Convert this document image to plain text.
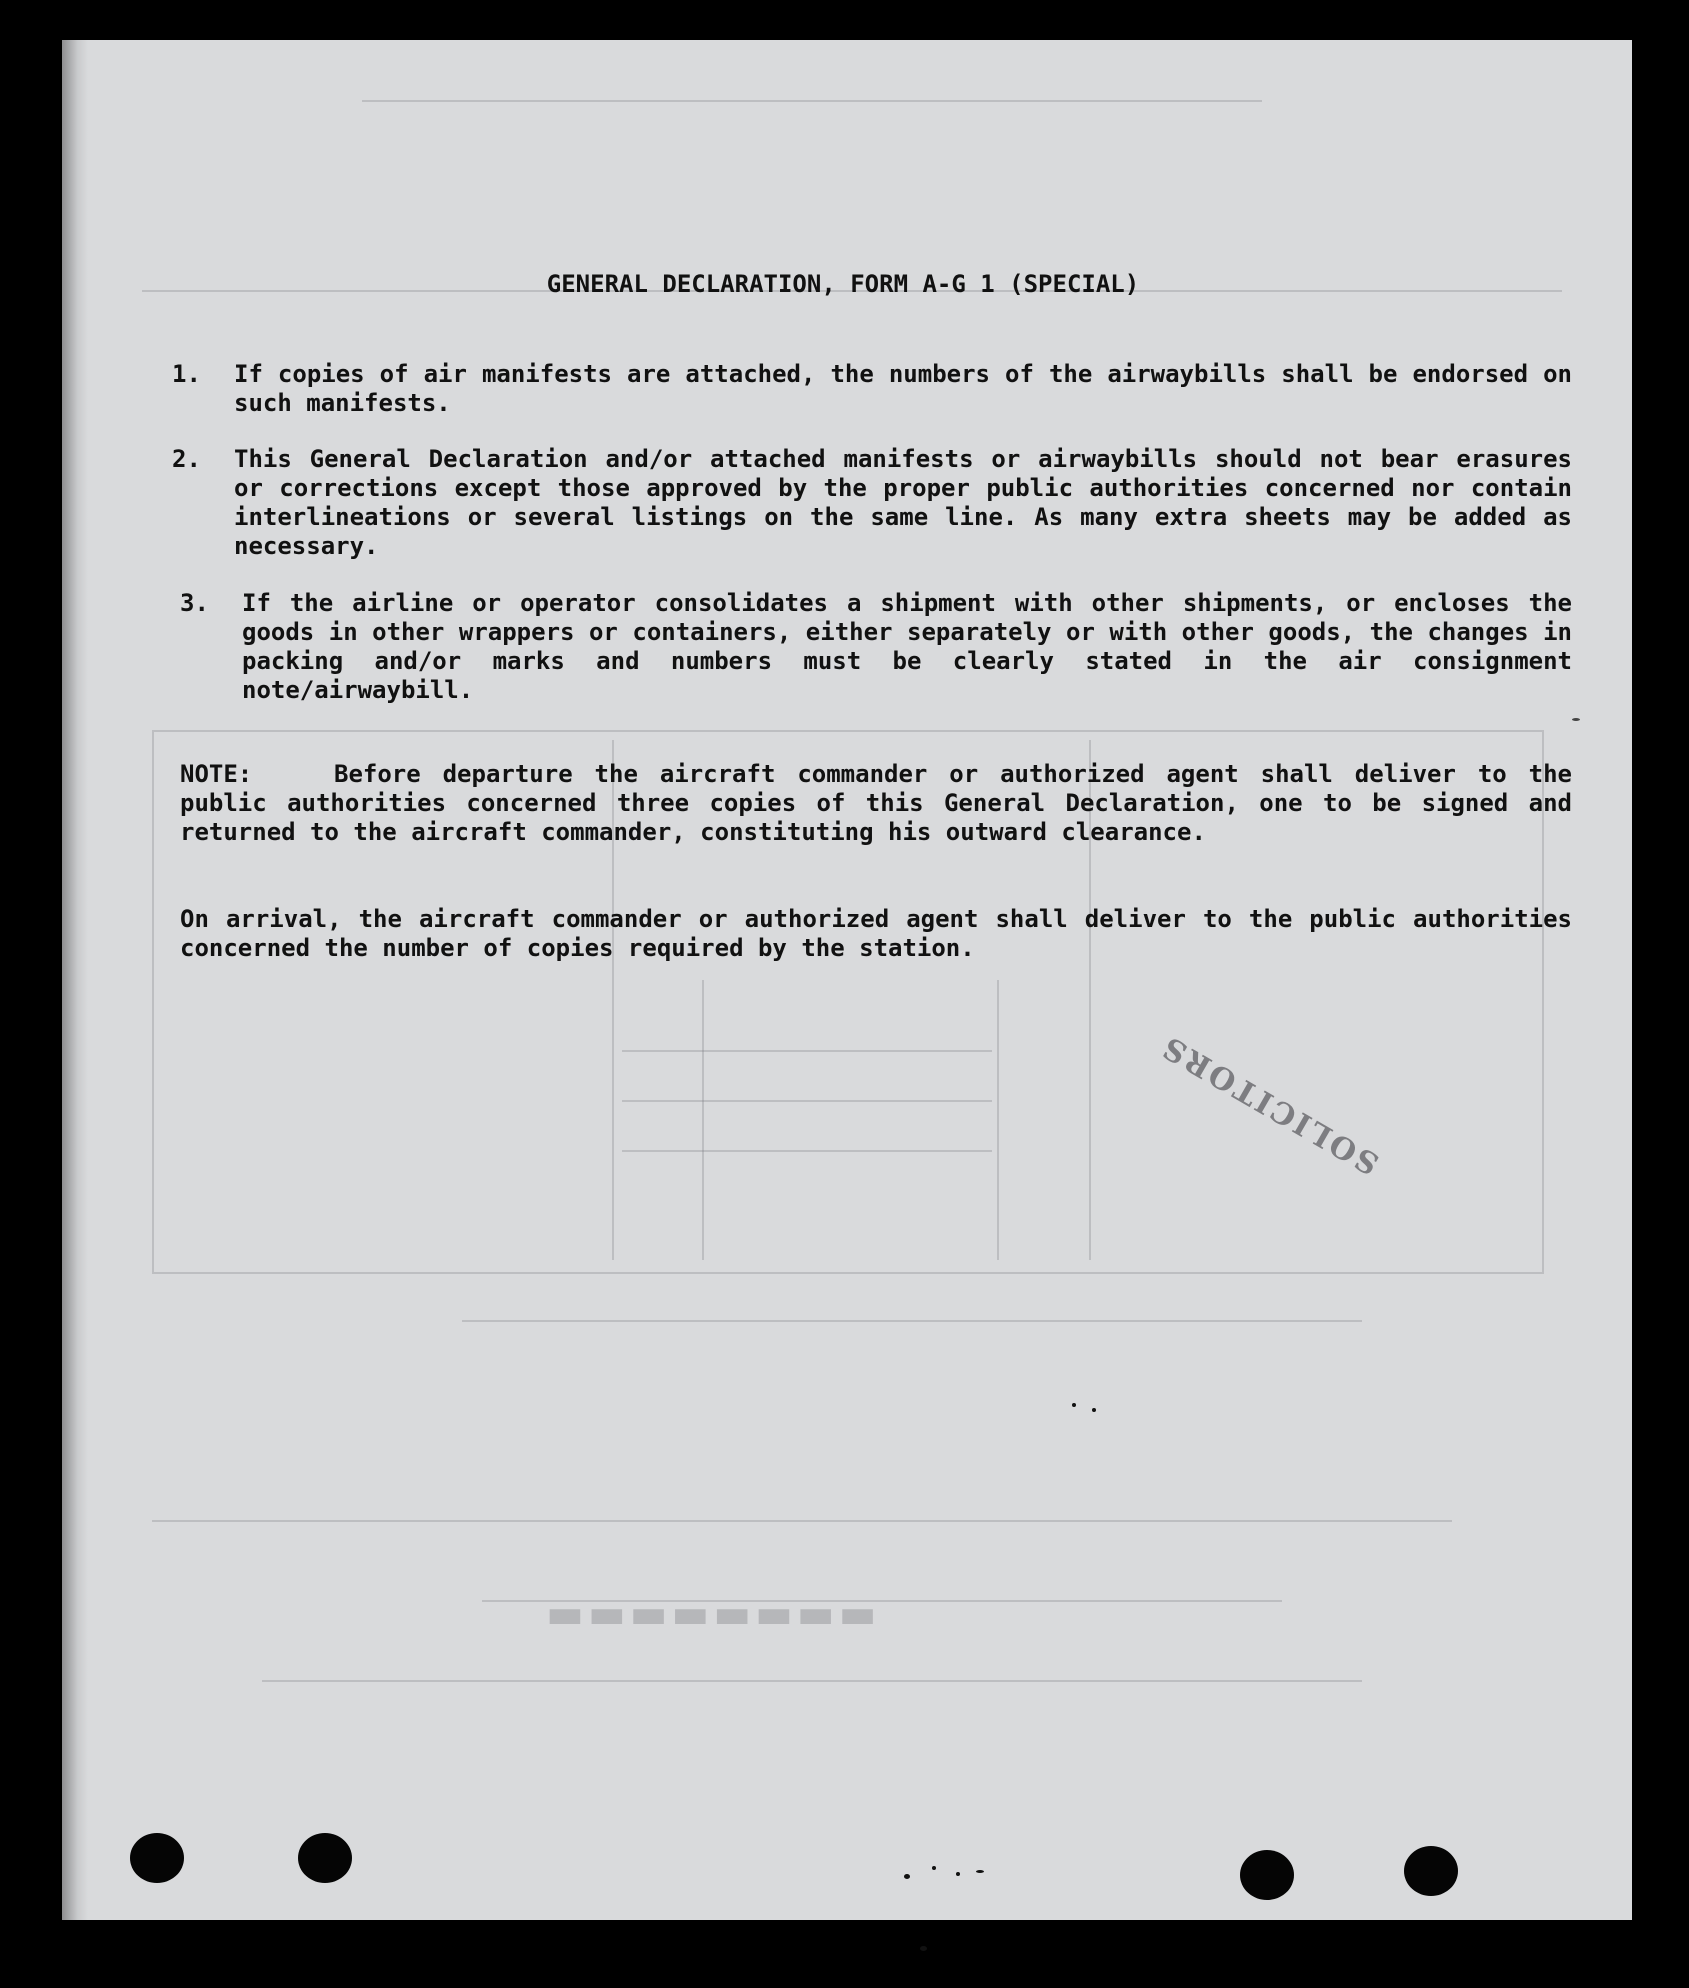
▬▬▬▬▬▬▬▬
GENERAL DECLARATION, FORM A-G 1 (SPECIAL)
1.	If copies of air manifests are attached, the numbers of the airwaybills shall be endorsed on such manifests.
2.	This General Declaration and/or attached manifests or airwaybills should not bear erasures or corrections except those approved by the proper public authorities concerned nor contain interlineations or several listings on the same line. As many extra sheets may be added as necessary.
3.	If the airline or operator consolidates a shipment with other shipments, or encloses the goods in other wrappers or containers, either separately or with other goods, the changes in packing and/or marks and numbers must be clearly stated in the air consignment note/airwaybill.
NOTE:	Before departure the aircraft commander or authorized agent shall deliver to the public authorities concerned three copies of this General Declaration, one to be signed and returned to the aircraft commander, constituting his outward clearance.
On arrival, the aircraft commander or authorized agent shall deliver to the public authorities concerned the number of copies required by the station.
SOLICITORS
